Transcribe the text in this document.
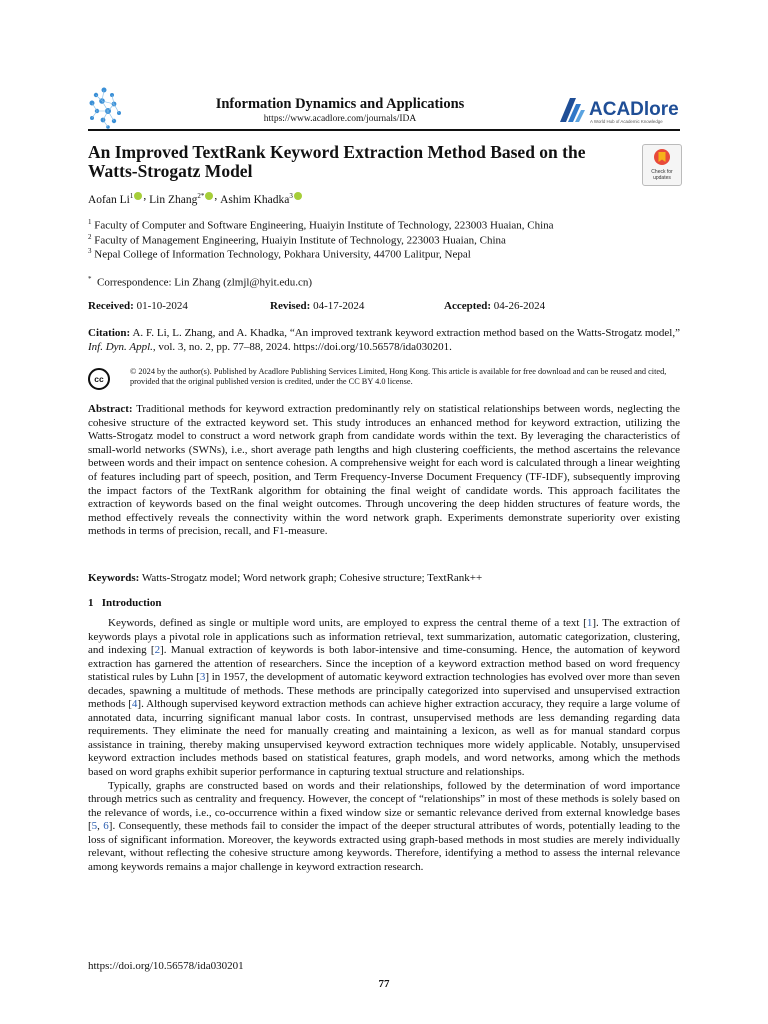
Information Dynamics and Applications
https://www.acadlore.com/journals/IDA	ACADlore
A World Hub of Academic Knowledge
An Improved TextRank Keyword Extraction Method Based on the Watts-Strogatz Model	Check for updates
Aofan Li$^1$ , Lin Zhang$^{2*}$ , Ashim Khadka$^3$
$^1$ Faculty of Computer and Software Engineering, Huaiyin Institute of Technology, 223003 Huaian, China
$^2$ Faculty of Management Engineering, Huaiyin Institute of Technology, 223003 Huaian, China
$^3$ Nepal College of Information Technology, Pokhara University, 44700 Lalitpur, Nepal
* Correspondence: Lin Zhang (zlmjl@hyit.edu.cn)
Received: 01-10-2024	Revised: 04-17-2024	Accepted: 04-26-2024
Citation: A. F. Li, L. Zhang, and A. Khadka, “An improved textrank keyword extraction method based on the Watts-Strogatz model,” Inf. Dyn. Appl., vol. 3, no. 2, pp. 77–88, 2024. https://doi.org/10.56578/ida030201.
cc
© 2024 by the author(s). Published by Acadlore Publishing Services Limited, Hong Kong. This article is available for free download and can be reused and cited, provided that the original published version is credited, under the CC BY 4.0 license.
Abstract: Traditional methods for keyword extraction predominantly rely on statistical relationships between words, neglecting the cohesive structure of the extracted keyword set. This study introduces an enhanced method for keyword extraction, utilizing the Watts-Strogatz model to construct a word network graph from candidate words within the text. By leveraging the characteristics of small-world networks (SWNs), i.e., short average path lengths and high clustering coefficients, the method ascertains the relevance between words and their impact on sentence cohesion. A comprehensive weight for each word is calculated through a linear weighting of features including part of speech, position, and Term Frequency-Inverse Document Frequency (TF-IDF), subsequently improving the impact factors of the TextRank algorithm for obtaining the final weight of candidate words. This approach facilitates the extraction of keywords based on the final weight outcomes. Through uncovering the deep hidden structures of feature words, the method effectively reveals the connectivity within the word network graph. Experiments demonstrate superiority over existing methods in terms of precision, recall, and F1-measure.
Keywords: Watts-Strogatz model; Word network graph; Cohesive structure; TextRank++
1 Introduction

Keywords, defined as single or multiple word units, are employed to express the central theme of a text [1]. The extraction of keywords plays a pivotal role in applications such as information retrieval, text summarization, automatic categorization, clustering, and indexing [2]. Manual extraction of keywords is both labor-intensive and time-consuming. Hence, the automation of keyword extraction has garnered the attention of researchers. Since the inception of a keyword extraction method based on word frequency statistical rules by Luhn [3] in 1957, the development of automatic keyword extraction technologies has evolved over more than seven decades, spawning a multitude of methods. These methods are principally categorized into supervised and unsupervised extraction methods [4]. Although supervised keyword extraction methods can achieve higher extraction accuracy, they require a large volume of annotated data, incurring significant manual labor costs. In contrast, unsupervised methods are less demanding regarding data requirements. They eliminate the need for manually creating and maintaining a lexicon, as well as for manual standard corpus assistance in training, thereby making unsupervised keyword extraction techniques more widely applicable. Notably, unsupervised keyword extraction includes methods based on statistical features, graph models, and word networks, among which the methods based on word graphs exhibit superior performance in capturing textual structure and relationships.

Typically, graphs are constructed based on words and their relationships, followed by the determination of word importance through metrics such as centrality and frequency. However, the concept of “relationships” in most of these methods is solely based on the relevance of words, i.e., co-occurrence within a fixed window size or semantic relevance derived from external knowledge bases [5, 6]. Consequently, these methods fail to consider the impact of the deeper structural attributes of words, potentially leading to the loss of significant information. Moreover, the keywords extracted using graph-based methods in most studies are merely individually relevant, without reflecting the cohesive structure among keywords. Therefore, identifying a method to assess the internal relevance among keywords remains a major challenge in keyword extraction research.

https://doi.org/10.56578/ida030201
77
